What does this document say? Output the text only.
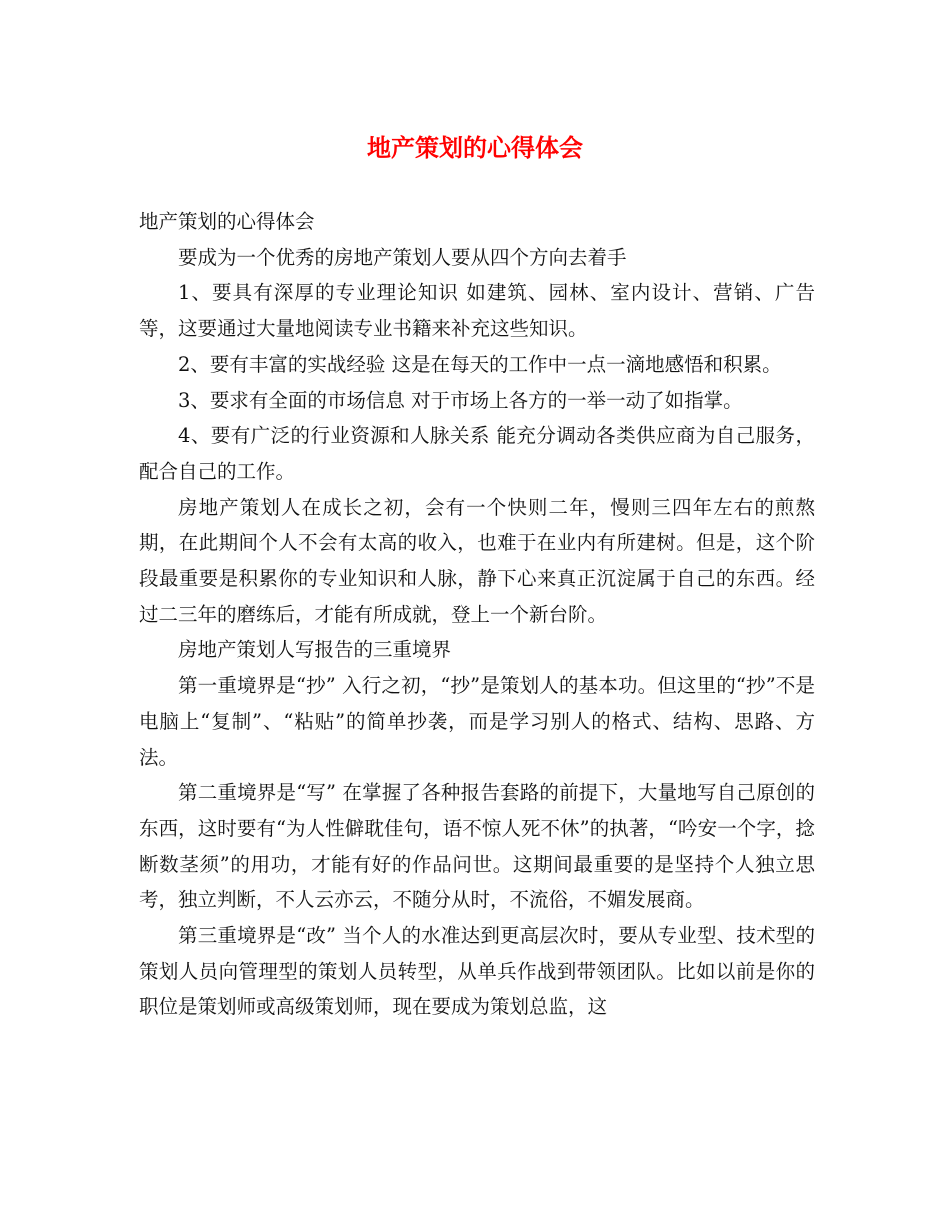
地产策划的心得体会

地产策划的心得体会

要成为一个优秀的房地产策划人要从四个方向去着手

1、要具有深厚的专业理论知识 如建筑、园林、室内设计、营销、广告等，这要通过大量地阅读专业书籍来补充这些知识。

2、要有丰富的实战经验 这是在每天的工作中一点一滴地感悟和积累。

3、要求有全面的市场信息 对于市场上各方的一举一动了如指掌。

4、要有广泛的行业资源和人脉关系 能充分调动各类供应商为自己服务，配合自己的工作。

房地产策划人在成长之初，会有一个快则二年，慢则三四年左右的煎熬期，在此期间个人不会有太高的收入，也难于在业内有所建树。但是，这个阶段最重要是积累你的专业知识和人脉，静下心来真正沉淀属于自己的东西。经过二三年的磨练后，才能有所成就，登上一个新台阶。

房地产策划人写报告的三重境界

第一重境界是“抄” 入行之初，“抄”是策划人的基本功。但这里的“抄”不是电脑上“复制”、“粘贴”的简单抄袭，而是学习别人的格式、结构、思路、方法。

第二重境界是“写” 在掌握了各种报告套路的前提下，大量地写自己原创的东西，这时要有“为人性僻耽佳句，语不惊人死不休”的执著，“吟安一个字，捻断数茎须”的用功，才能有好的作品问世。这期间最重要的是坚持个人独立思考，独立判断，不人云亦云，不随分从时，不流俗，不媚发展商。

第三重境界是“改” 当个人的水准达到更高层次时，要从专业型、技术型的策划人员向管理型的策划人员转型，从单兵作战到带领团队。比如以前是你的职位是策划师或高级策划师，现在要成为策划总监，这
